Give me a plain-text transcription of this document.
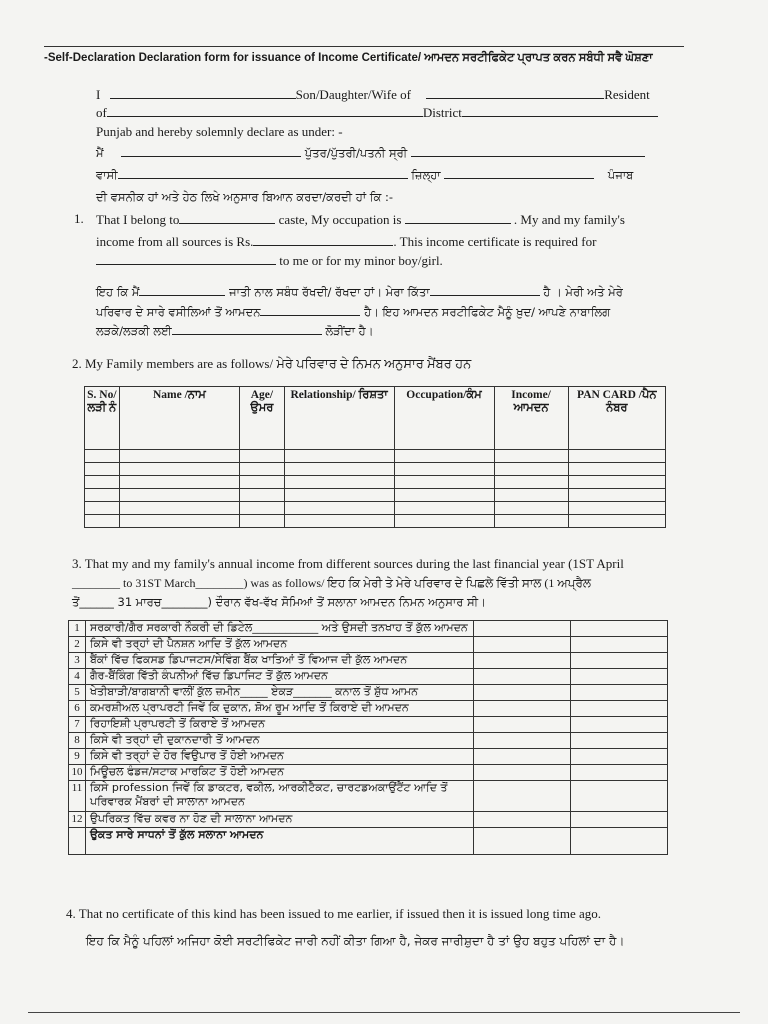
-Self-Declaration Declaration form for issuance of Income Certificate/ ਆਮਦਨ ਸਰਟੀਫਿਕੇਟ ਪ੍ਰਾਪਤ ਕਰਨ ਸਬੰਧੀ ਸਵੈ ਘੋਸ਼ਣਾ
I	Son/Daughter/Wife of	Resident
of	District
Punjab and hereby solemnly declare as under: -
ਮੈਂ	ਪੁੱਤਰ/ਪੁੱਤਰੀ/ਪਤਨੀ ਸ੍ਰੀ
ਵਾਸੀ	ਜ਼ਿਲ੍ਹਾ	ਪੰਜਾਬ
ਦੀ ਵਸਨੀਕ ਹਾਂ ਅਤੇ ਹੇਠ ਲਿਖੇ ਅਨੁਸਾਰ ਬਿਆਨ ਕਰਦਾ/ਕਰਦੀ ਹਾਂ ਕਿ :-
1. That I belong to	caste, My occupation is	. My and my family's
income from all sources is Rs.	. This income certificate is required for
to me or for my minor boy/girl.
ਇਹ ਕਿ ਮੈਂ	ਜਾਤੀ ਨਾਲ ਸਬੰਧ ਰੱਖਦੀ/ ਰੱਖਦਾ ਹਾਂ। ਮੇਰਾ ਕਿੱਤਾ	ਹੈ । ਮੇਰੀ ਅਤੇ ਮੇਰੇ
ਪਰਿਵਾਰ ਦੇ ਸਾਰੇ ਵਸੀਲਿਆਂ ਤੋਂ ਆਮਦਨ	ਹੈ। ਇਹ ਆਮਦਨ ਸਰਟੀਫਿਕੇਟ ਮੈਨੂੰ ਖ਼ੁਦ/ ਆਪਣੇ ਨਾਬਾਲਿਗ
ਲੜਕੇ/ਲੜਕੀ ਲਈ	ਲੋੜੀਂਦਾ ਹੈ।
2. My Family members are as follows/ ਮੇਰੇ ਪਰਿਵਾਰ ਦੇ ਨਿਮਨ ਅਨੁਸਾਰ ਮੈਂਬਰ ਹਨ
S. No/ ਲੜੀ ਨੰ	Name /ਨਾਮ	Age/ ਉਮਰ	Relationship/ ਰਿਸ਼ਤਾ	Occupation/ਕੰਮ	Income/ ਆਮਦਨ	PAN CARD /ਪੈਨ ਨੰਬਰ

3. That my and my family's annual income from different sources during the last financial year (1ST April
________ to 31ST March________) was as follows/ ਇਹ ਕਿ ਮੇਰੀ ਤੇ ਮੇਰੇ ਪਰਿਵਾਰ ਦੇ ਪਿਛਲੇ ਵਿੱਤੀ ਸਾਲ (1 ਅਪ੍ਰੈਲ
ਤੋਂ______ 31 ਮਾਰਚ________) ਦੌਰਾਨ ਵੱਖ-ਵੱਖ ਸੋਮਿਆਂ ਤੋਂ ਸਲਾਨਾ ਆਮਦਨ ਨਿਮਨ ਅਨੁਸਾਰ ਸੀ।
1	ਸਰਕਾਰੀ/ਗੈਰ ਸਰਕਾਰੀ ਨੌਕਰੀ ਦੀ ਡਿਟੇਲ____________ ਅਤੇ ਉਸਦੀ ਤਨਖਾਹ ਤੋਂ ਕੁੱਲ ਆਮਦਨ		
2	ਕਿਸੇ ਵੀ ਤਰ੍ਹਾਂ ਦੀ ਪੈਨਸ਼ਨ ਆਦਿ ਤੋਂ ਕੁੱਲ ਆਮਦਨ		
3	ਬੈਂਕਾਂ ਵਿੱਚ ਫਿਕਸਡ ਡਿਪਾਜਟਸ/ਸੇਵਿੰਗ ਬੈਂਕ ਖਾਤਿਆਂ ਤੋਂ ਵਿਆਜ ਦੀ ਕੁੱਲ ਆਮਦਨ		
4	ਗੈਰ-ਬੈਂਕਿੰਗ ਵਿੱਤੀ ਕੰਪਨੀਆਂ ਵਿੱਚ ਡਿਪਾਜਿਟ ਤੋਂ ਕੁੱਲ ਆਮਦਨ		
5	ਖੇਤੀਬਾੜੀ/ਬਾਗਬਾਨੀ ਵਾਲੀਂ ਕੁੱਲ ਜ਼ਮੀਨ_____ ਏਕੜ_______ ਕਨਾਲ ਤੋਂ ਸ਼ੁੱਧ ਆਮਨ		
6	ਕਮਰਸ਼ੀਅਲ ਪ੍ਰਾਪਰਟੀ ਜਿਵੇਂ ਕਿ ਦੁਕਾਨ, ਸ਼ੋਅ ਰੂਮ ਆਦਿ ਤੋਂ ਕਿਰਾਏ ਦੀ ਆਮਦਨ		
7	ਰਿਹਾਇਸ਼ੀ ਪ੍ਰਾਪਰਟੀ ਤੋਂ ਕਿਰਾਏ ਤੋਂ ਆਮਦਨ		
8	ਕਿਸੇ ਵੀ ਤਰ੍ਹਾਂ ਦੀ ਦੁਕਾਨਦਾਰੀ ਤੋਂ ਆਮਦਨ		
9	ਕਿਸੇ ਵੀ ਤਰ੍ਹਾਂ ਦੇ ਹੋਰ ਵਿਉਪਾਰ ਤੋਂ ਹੋਈ ਆਮਦਨ		
10	ਮਿਊਚਲ ਫੰਡਜ/ਸਟਾਕ ਮਾਰਕਿਟ ਤੋਂ ਹੋਈ ਆਮਦਨ		
11	ਕਿਸੇ profession ਜਿਵੇਂ ਕਿ ਡਾਕਟਰ, ਵਕੀਲ, ਆਰਕੀਟੈਕਟ, ਚਾਰਟਡਅਕਾਉਂਟੈਂਟ ਆਦਿ ਤੋਂ ਪਰਿਵਾਰਕ ਮੈਂਬਰਾਂ ਦੀ ਸਾਲਾਨਾ ਆਮਦਨ		
12	ਉਪਰਿਕਤ ਵਿੱਚ ਕਵਰ ਨਾ ਹੋਣ ਦੀ ਸਾਲਾਨਾ ਆਮਦਨ		
	ਉਕਤ ਸਾਰੇ ਸਾਧਨਾਂ ਤੋਂ ਕੁੱਲ ਸਲਾਨਾ ਆਮਦਨ		
4. That no certificate of this kind has been issued to me earlier, if issued then it is issued long time ago.
ਇਹ ਕਿ ਮੈਨੂੰ ਪਹਿਲਾਂ ਅਜਿਹਾ ਕੋਈ ਸਰਟੀਫਿਕੇਟ ਜਾਰੀ ਨਹੀਂ ਕੀਤਾ ਗਿਆ ਹੈ, ਜੇਕਰ ਜਾਰੀਸ਼ੁਦਾ ਹੈ ਤਾਂ ਉਹ ਬਹੁਤ ਪਹਿਲਾਂ ਦਾ ਹੈ।
